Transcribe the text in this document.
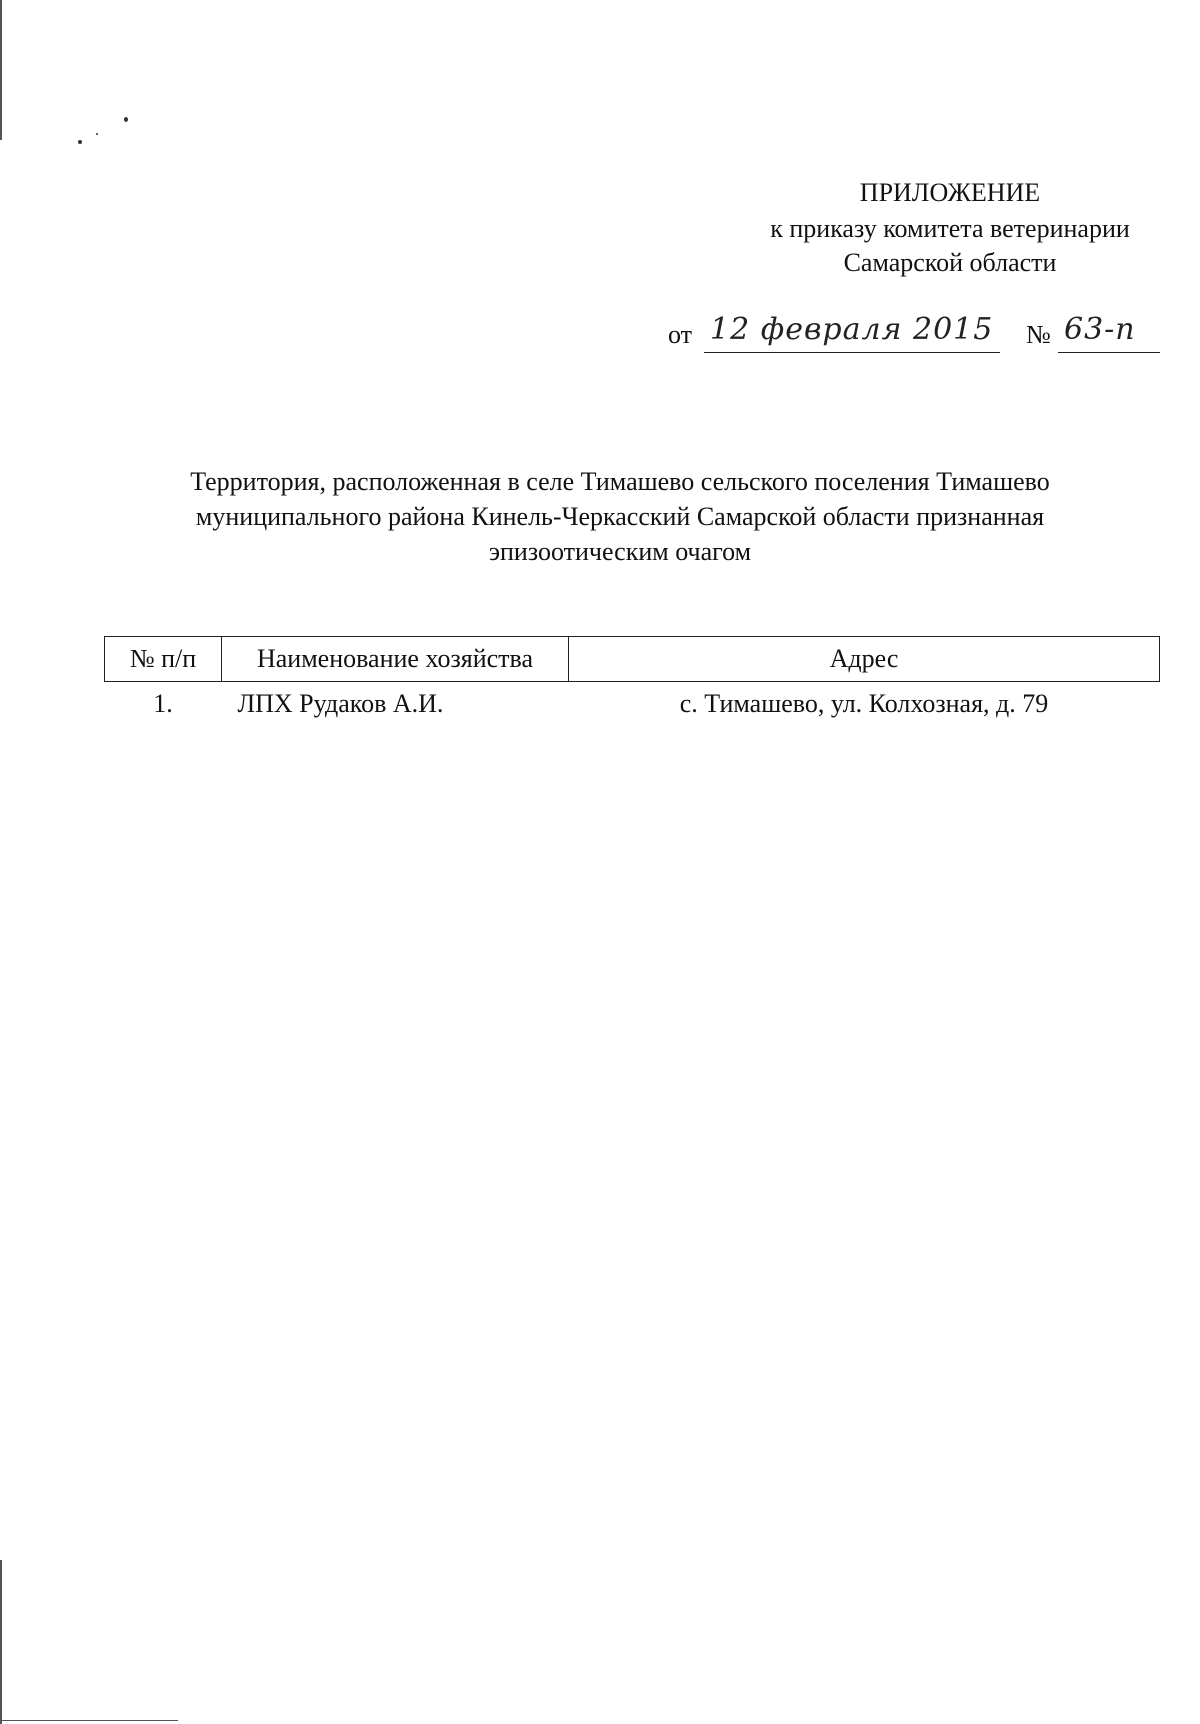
ПРИЛОЖЕНИЕ
к приказу комитета ветеринарии
Самарской области
от 12 февраля 2015 № 63-п
Территория, расположенная в селе Тимашево сельского поселения Тимашево
муниципального района Кинель-Черкасский Самарской области признанная
эпизоотическим очагом
№ п/п	Наименование хозяйства	Адрес
1.	ЛПХ Рудаков А.И.	с. Тимашево, ул. Колхозная, д. 79
